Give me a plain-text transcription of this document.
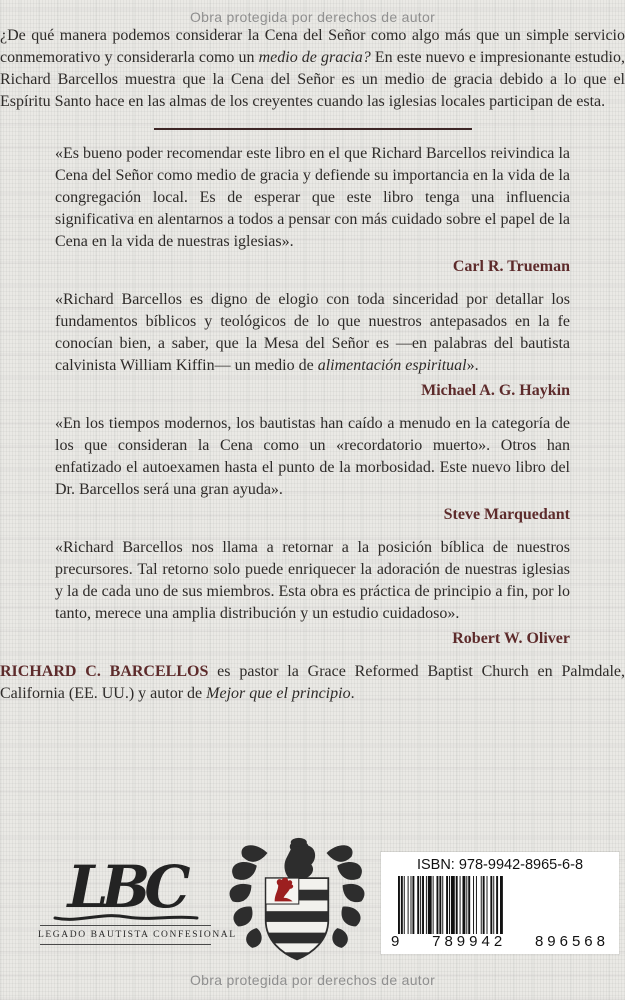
Obra protegida por derechos de autor

¿De qué manera podemos considerar la Cena del Señor como algo más que un simple servicio conmemorativo y considerarla como un medio de gracia? En este nuevo e impresionante estudio, Richard Barcellos muestra que la Cena del Señor es un medio de gracia debido a lo que el Espíritu Santo hace en las almas de los creyentes cuando las iglesias locales participan de esta.

«Es bueno poder recomendar este libro en el que Richard Barcellos reivindica la Cena del Señor como medio de gracia y defiende su importancia en la vida de la congregación local. Es de esperar que este libro tenga una influencia significativa en alentarnos a todos a pensar con más cuidado sobre el papel de la Cena en la vida de nuestras iglesias».

Carl R. Trueman

«Richard Barcellos es digno de elogio con toda sinceridad por detallar los fundamentos bíblicos y teológicos de lo que nuestros antepasados en la fe conocían bien, a saber, que la Mesa del Señor es —en palabras del bautista calvinista William Kiffin— un medio de alimentación espiritual».

Michael A. G. Haykin

«En los tiempos modernos, los bautistas han caído a menudo en la categoría de los que consideran la Cena como un «recordatorio muerto». Otros han enfatizado el autoexamen hasta el punto de la morbosidad. Este nuevo libro del Dr. Barcellos será una gran ayuda».

Steve Marquedant

«Richard Barcellos nos llama a retornar a la posición bíblica de nuestros precursores. Tal retorno solo puede enriquecer la adoración de nuestras iglesias y la de cada uno de sus miembros. Esta obra es práctica de principio a fin, por lo tanto, merece una amplia distribución y un estudio cuidadoso».

Robert W. Oliver

RICHARD C. BARCELLOS es pastor la Grace Reformed Baptist Church en Palmdale, California (EE. UU.) y autor de Mejor que el principio.

LBC
LEGADO BAUTISTA CONFESIONAL
ISBN: 978-9942-8965-6-8
9 789942 896568
Obra protegida por derechos de autor
